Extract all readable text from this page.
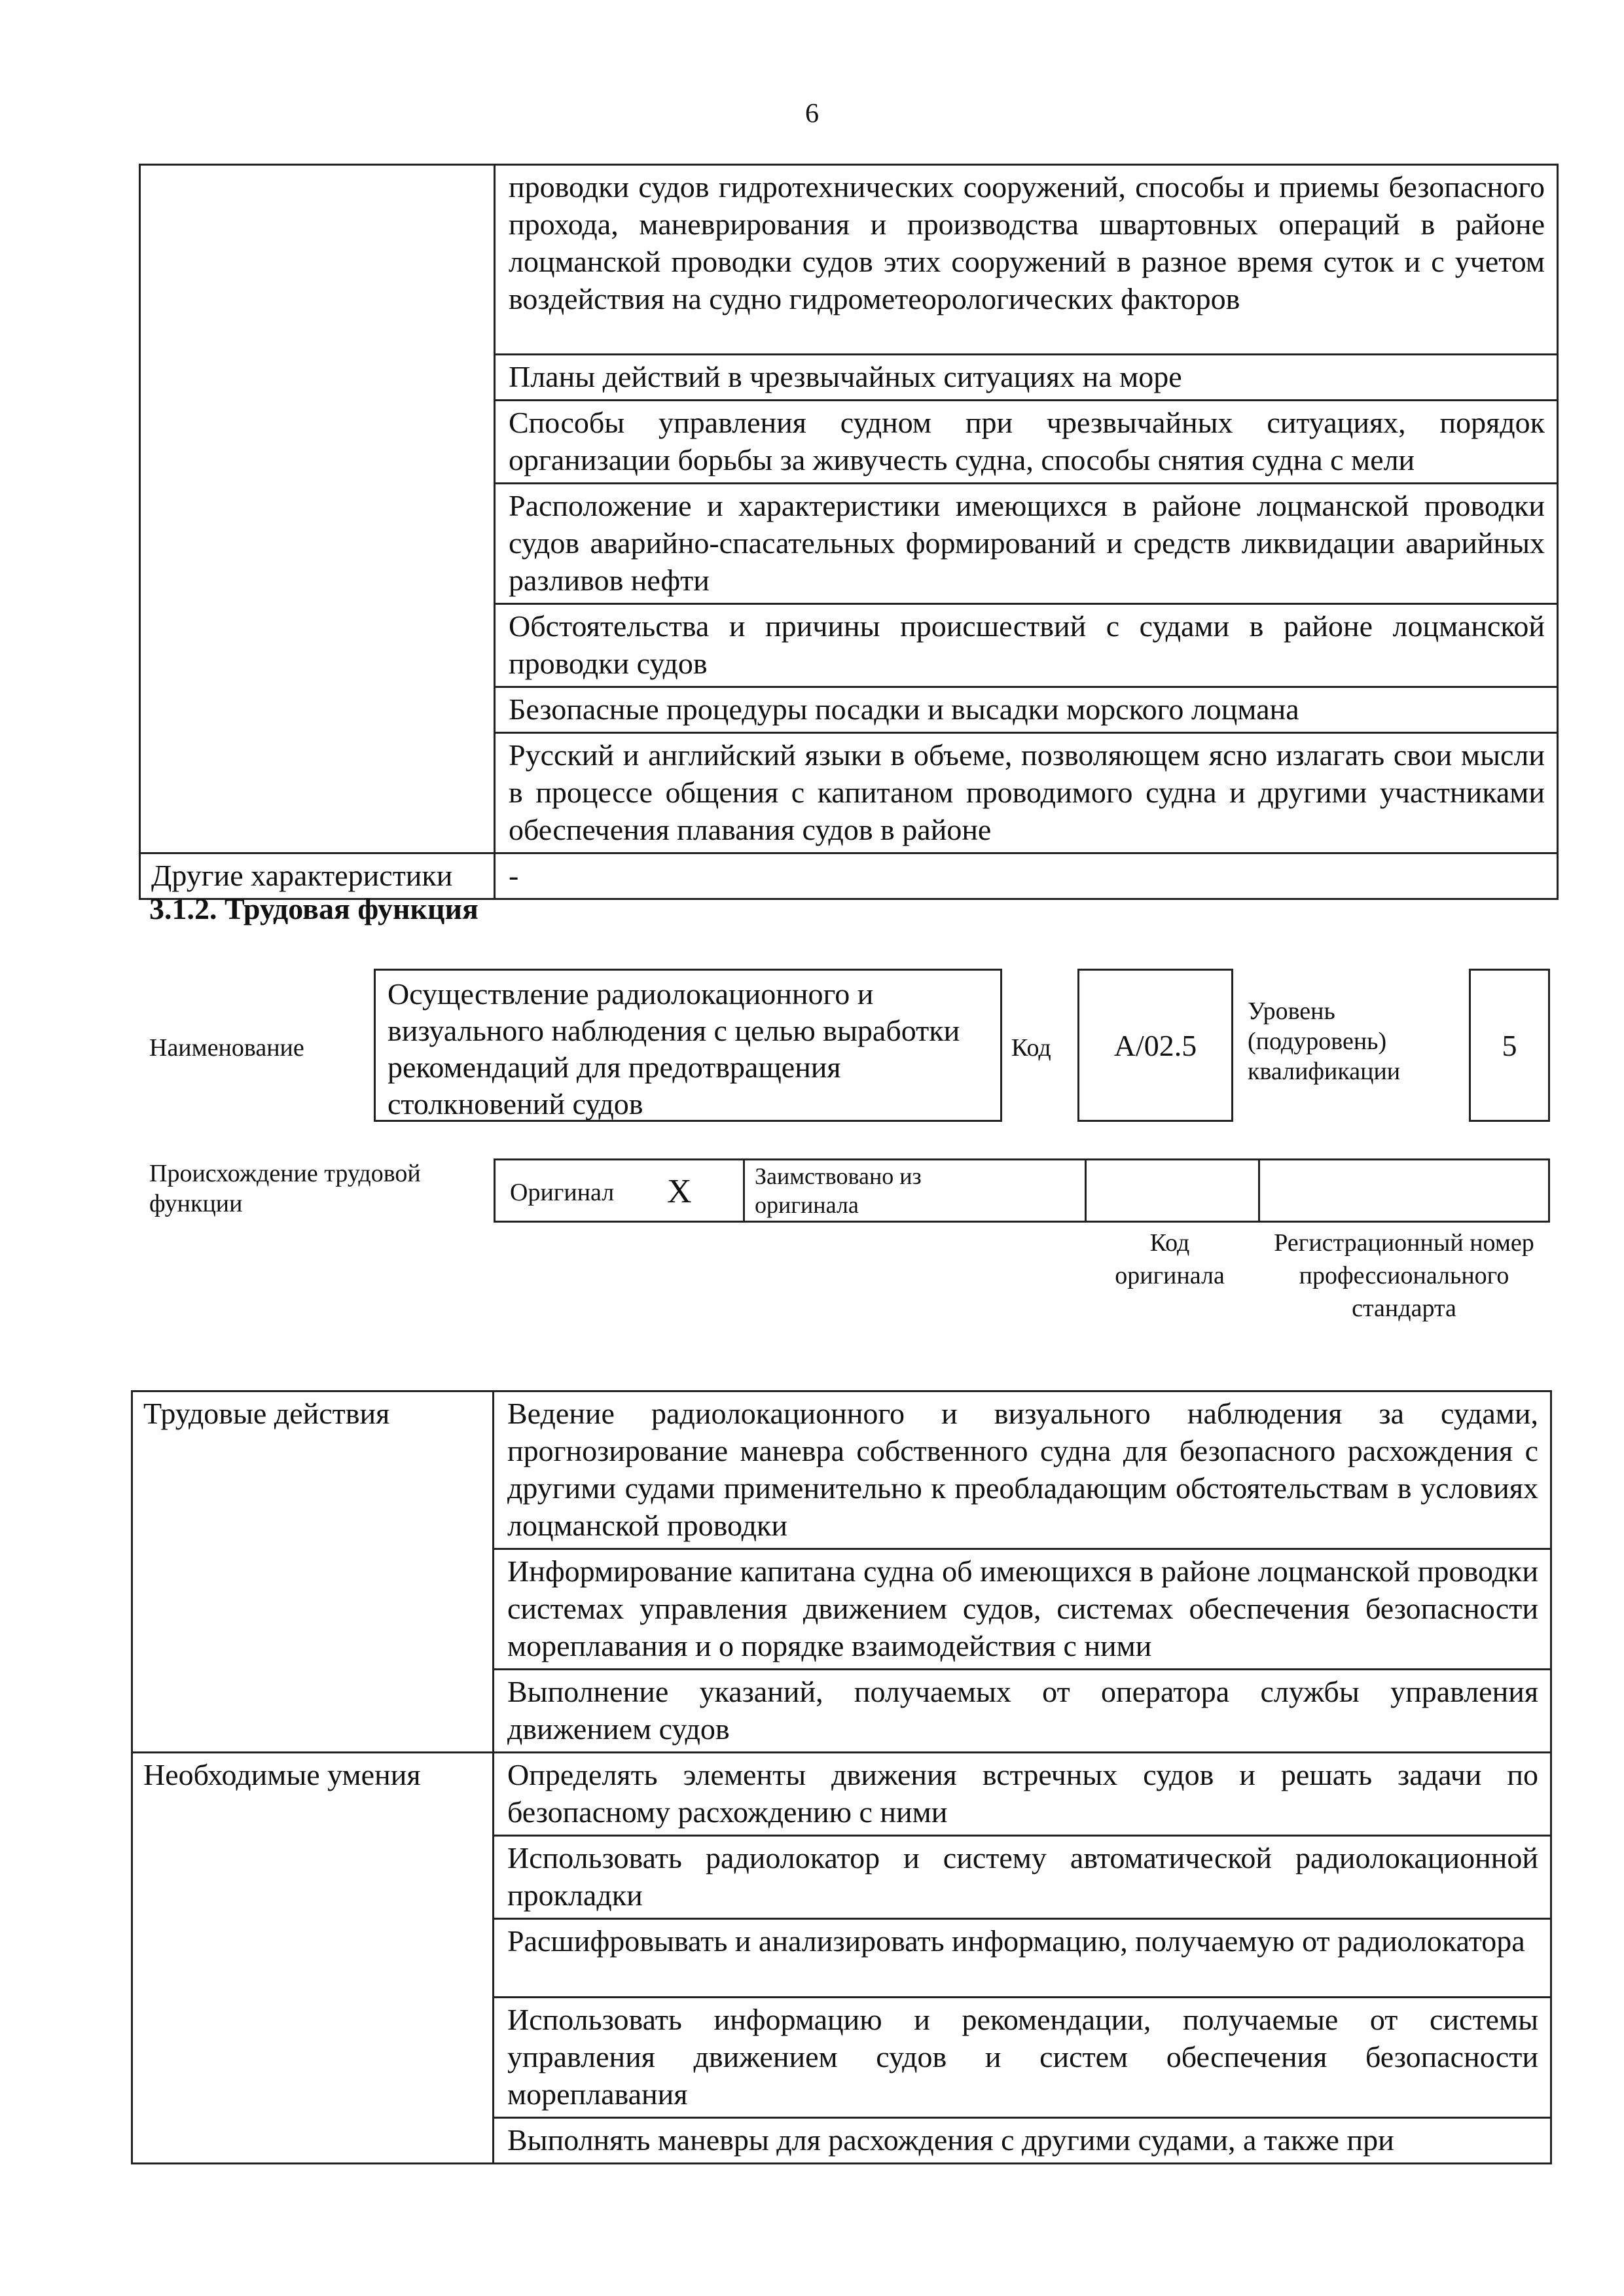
6

	проводки судов гидротехнических сооружений, способы и приемы безопасного прохода, маневрирования и производства швартовных операций в районе лоцманской проводки судов этих сооружений в разное время суток и с учетом воздействия на судно гидрометеорологических факторов

	Планы действий в чрезвычайных ситуациях на море

	Способы управления судном при чрезвычайных ситуациях, порядок организации борьбы за живучесть судна, способы снятия судна с мели

	Расположение и характеристики имеющихся в районе лоцманской проводки судов аварийно-спасательных формирований и средств ликвидации аварийных разливов нефти

	Обстоятельства и причины происшествий с судами в районе лоцманской проводки судов

	Безопасные процедуры посадки и высадки морского лоцмана

	Русский и английский языки в объеме, позволяющем ясно излагать свои мысли в процессе общения с капитаном проводимого судна и другими участниками обеспечения плавания судов в районе

Другие характеристики	-
3.1.2. Трудовая функция
Наименование
Осуществление радиолокационного и визуального наблюдения с целью выработки рекомендаций для предотвращения столкновений судов
Код A/02.5
Уровень (подуровень) квалификации
5
Происхождение трудовой функции	Оригинал X	Заимствовано из оригинала
Код оригинала
Регистрационный номер профессионального стандарта
Трудовые действия	Ведение радиолокационного и визуального наблюдения за судами, прогнозирование маневра собственного судна для безопасного расхождения с другими судами применительно к преобладающим обстоятельствам в условиях лоцманской проводки

	Информирование капитана судна об имеющихся в районе лоцманской проводки системах управления движением судов, системах обеспечения безопасности мореплавания и о порядке взаимодействия с ними

	Выполнение указаний, получаемых от оператора службы управления движением судов

Необходимые умения	Определять элементы движения встречных судов и решать задачи по безопасному расхождению с ними

	Использовать радиолокатор и систему автоматической радиолокационной прокладки

	Расшифровывать и анализировать информацию, получаемую от радиолокатора

	Использовать информацию и рекомендации, получаемые от системы управления движением судов и систем обеспечения безопасности мореплавания

	Выполнять маневры для расхождения с другими судами, а также при
